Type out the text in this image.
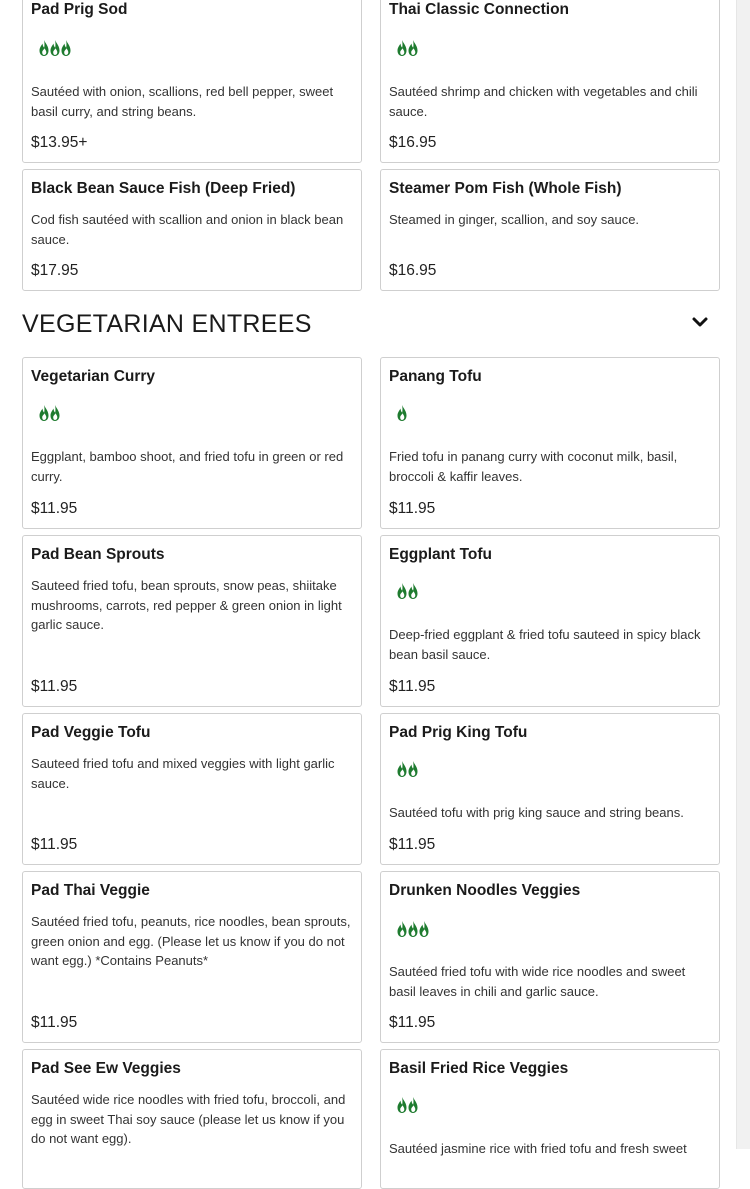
Pad Prig Sod
Sautéed with onion, scallions, red bell pepper, sweet basil curry, and string beans.
$13.95+
Thai Classic Connection
Sautéed shrimp and chicken with vegetables and chili sauce.
$16.95
Black Bean Sauce Fish (Deep Fried)
Cod fish sautéed with scallion and onion in black bean sauce.
$17.95
Steamer Pom Fish (Whole Fish)
Steamed in ginger, scallion, and soy sauce.
$16.95
VEGETARIAN ENTREES
Vegetarian Curry
Eggplant, bamboo shoot, and fried tofu in green or red curry.
$11.95
Panang Tofu
Fried tofu in panang curry with coconut milk, basil, broccoli & kaffir leaves.
$11.95
Pad Bean Sprouts
Sauteed fried tofu, bean sprouts, snow peas, shiitake mushrooms, carrots, red pepper & green onion in light garlic sauce.
$11.95
Eggplant Tofu
Deep-fried eggplant & fried tofu sauteed in spicy black bean basil sauce.
$11.95
Pad Veggie Tofu
Sauteed fried tofu and mixed veggies with light garlic sauce.
$11.95
Pad Prig King Tofu
Sautéed tofu with prig king sauce and string beans.
$11.95
Pad Thai Veggie
Sautéed fried tofu, peanuts, rice noodles, bean sprouts, green onion and egg. (Please let us know if you do not want egg.) *Contains Peanuts*
$11.95
Drunken Noodles Veggies
Sautéed fried tofu with wide rice noodles and sweet basil leaves in chili and garlic sauce.
$11.95
Pad See Ew Veggies
Sautéed wide rice noodles with fried tofu, broccoli, and egg in sweet Thai soy sauce (please let us know if you do not want egg).
Basil Fried Rice Veggies
Sautéed jasmine rice with fried tofu and fresh sweet
